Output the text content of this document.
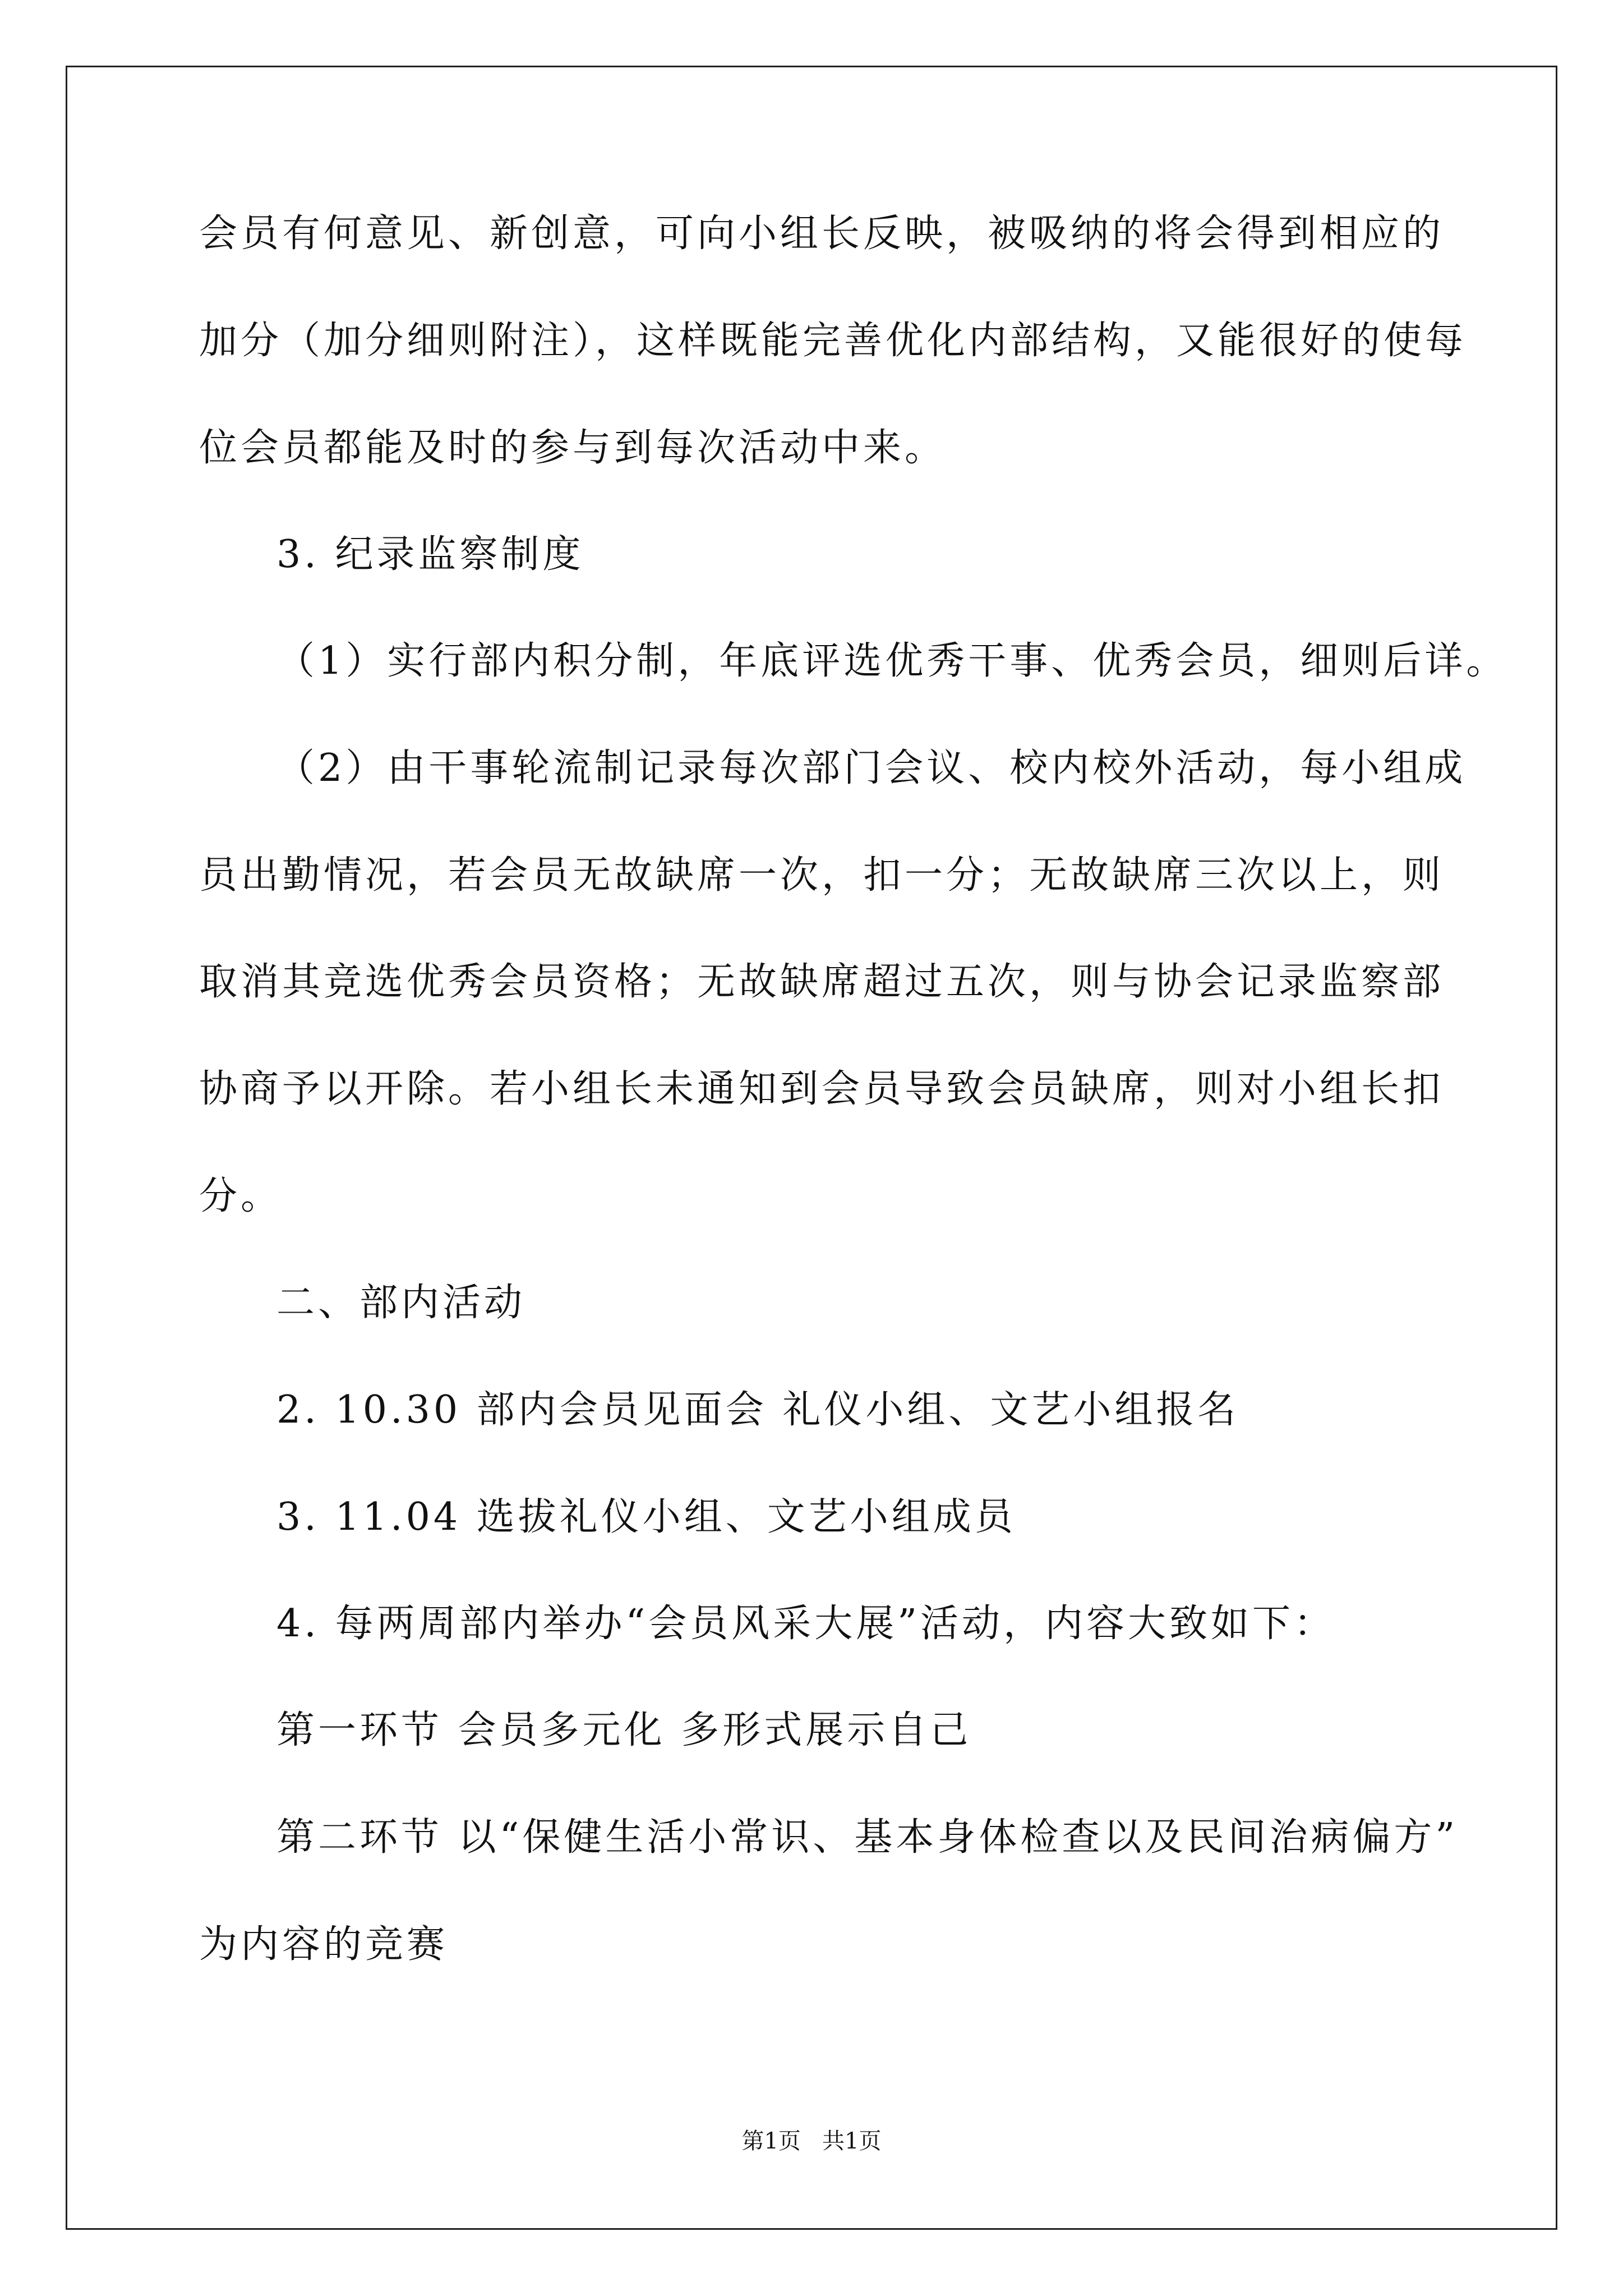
会员有何意见、新创意，可向小组长反映，被吸纳的将会得到相应的
加分（加分细则附注），这样既能完善优化内部结构，又能很好的使每
位会员都能及时的参与到每次活动中来。
3. 纪录监察制度
（1）实行部内积分制，年底评选优秀干事、优秀会员，细则后详。
（2）由干事轮流制记录每次部门会议、校内校外活动，每小组成
员出勤情况，若会员无故缺席一次，扣一分；无故缺席三次以上，则
取消其竞选优秀会员资格；无故缺席超过五次，则与协会记录监察部
协商予以开除。若小组长未通知到会员导致会员缺席，则对小组长扣
分。
二、部内活动
2. 10.30 部内会员见面会 礼仪小组、文艺小组报名
3. 11.04 选拔礼仪小组、文艺小组成员
4. 每两周部内举办“会员风采大展”活动，内容大致如下：
第一环节 会员多元化 多形式展示自己
第二环节 以“保健生活小常识、基本身体检查以及民间治病偏方”
为内容的竞赛
第1页   共1页
